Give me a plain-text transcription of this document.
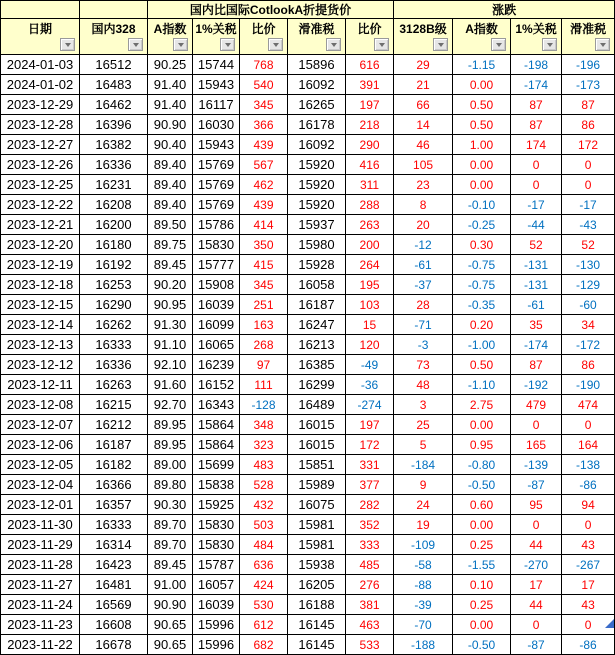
		国内比国际CotlookA折提货价					涨跌			
日期	国内328	A指数	1%关税	比价	滑准税	比价	3128B级	A指数	1%关税	滑准税

2024-01-03	16512	90.25	15744	768	15896	616	29	-1.15	-198	-196
2024-01-02	16483	91.40	15943	540	16092	391	21	0.00	-174	-173
2023-12-29	16462	91.40	16117	345	16265	197	66	0.50	87	87
2023-12-28	16396	90.90	16030	366	16178	218	14	0.50	87	86
2023-12-27	16382	90.40	15943	439	16092	290	46	1.00	174	172
2023-12-26	16336	89.40	15769	567	15920	416	105	0.00	0	0
2023-12-25	16231	89.40	15769	462	15920	311	23	0.00	0	0
2023-12-22	16208	89.40	15769	439	15920	288	8	-0.10	-17	-17
2023-12-21	16200	89.50	15786	414	15937	263	20	-0.25	-44	-43
2023-12-20	16180	89.75	15830	350	15980	200	-12	0.30	52	52
2023-12-19	16192	89.45	15777	415	15928	264	-61	-0.75	-131	-130
2023-12-18	16253	90.20	15908	345	16058	195	-37	-0.75	-131	-129
2023-12-15	16290	90.95	16039	251	16187	103	28	-0.35	-61	-60
2023-12-14	16262	91.30	16099	163	16247	15	-71	0.20	35	34
2023-12-13	16333	91.10	16065	268	16213	120	-3	-1.00	-174	-172
2023-12-12	16336	92.10	16239	97	16385	-49	73	0.50	87	86
2023-12-11	16263	91.60	16152	111	16299	-36	48	-1.10	-192	-190
2023-12-08	16215	92.70	16343	-128	16489	-274	3	2.75	479	474
2023-12-07	16212	89.95	15864	348	16015	197	25	0.00	0	0
2023-12-06	16187	89.95	15864	323	16015	172	5	0.95	165	164
2023-12-05	16182	89.00	15699	483	15851	331	-184	-0.80	-139	-138
2023-12-04	16366	89.80	15838	528	15989	377	9	-0.50	-87	-86
2023-12-01	16357	90.30	15925	432	16075	282	24	0.60	95	94
2023-11-30	16333	89.70	15830	503	15981	352	19	0.00	0	0
2023-11-29	16314	89.70	15830	484	15981	333	-109	0.25	44	43
2023-11-28	16423	89.45	15787	636	15938	485	-58	-1.55	-270	-267
2023-11-27	16481	91.00	16057	424	16205	276	-88	0.10	17	17
2023-11-24	16569	90.90	16039	530	16188	381	-39	0.25	44	43
2023-11-23	16608	90.65	15996	612	16145	463	-70	0.00	0	0
2023-11-22	16678	90.65	15996	682	16145	533	-188	-0.50	-87	-86
